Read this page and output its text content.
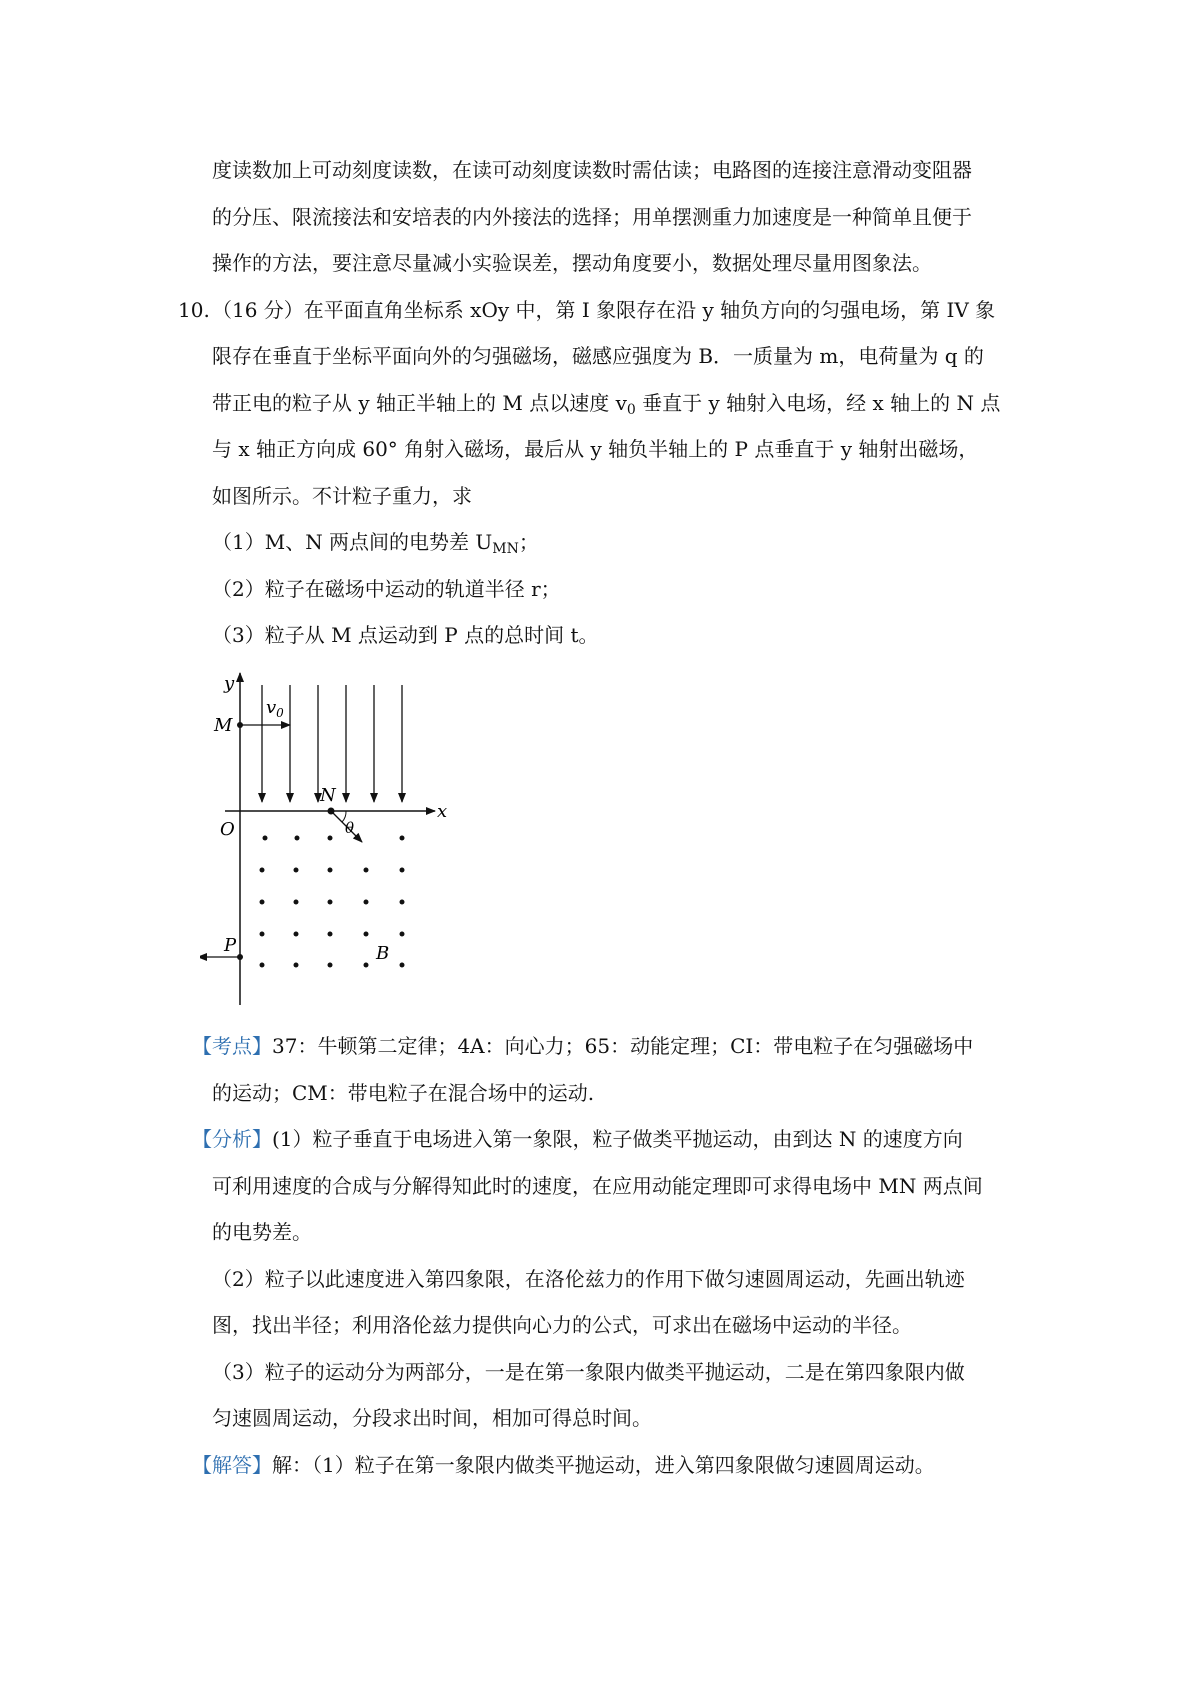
度读数加上可动刻度读数，在读可动刻度读数时需估读；电路图的连接注意滑动变阻器
的分压、限流接法和安培表的内外接法的选择；用单摆测重力加速度是一种简单且便于
操作的方法，要注意尽量减小实验误差，摆动角度要小，数据处理尽量用图象法。
10. （16 分）在平面直角坐标系 xOy 中，第 I 象限存在沿 y 轴负方向的匀强电场，第 IV 象
限存在垂直于坐标平面向外的匀强磁场，磁感应强度为 B．一质量为 m，电荷量为 q 的
带正电的粒子从 y 轴正半轴上的 M 点以速度 $v_0$ 垂直于 y 轴射入电场，经 x 轴上的 N 点
与 x 轴正方向成 60° 角射入磁场，最后从 y 轴负半轴上的 P 点垂直于 y 轴射出磁场，
如图所示。不计粒子重力，求
（1）M、N 两点间的电势差 $U_{MN}$；
（2）粒子在磁场中运动的轨道半径 r；
（3）粒子从 M 点运动到 P 点的总时间 t。
y
x
O
M
$v_0$
N
θ
B
P
【考点】37：牛顿第二定律；4A：向心力；65：动能定理；CI：带电粒子在匀强磁场中
的运动；CM：带电粒子在混合场中的运动.
【分析】(1）粒子垂直于电场进入第一象限，粒子做类平抛运动，由到达 N 的速度方向
可利用速度的合成与分解得知此时的速度，在应用动能定理即可求得电场中 MN 两点间
的电势差。
（2）粒子以此速度进入第四象限，在洛伦兹力的作用下做匀速圆周运动，先画出轨迹
图，找出半径；利用洛伦兹力提供向心力的公式，可求出在磁场中运动的半径。
（3）粒子的运动分为两部分，一是在第一象限内做类平抛运动，二是在第四象限内做
匀速圆周运动，分段求出时间，相加可得总时间。
【解答】解：（1）粒子在第一象限内做类平抛运动，进入第四象限做匀速圆周运动。
